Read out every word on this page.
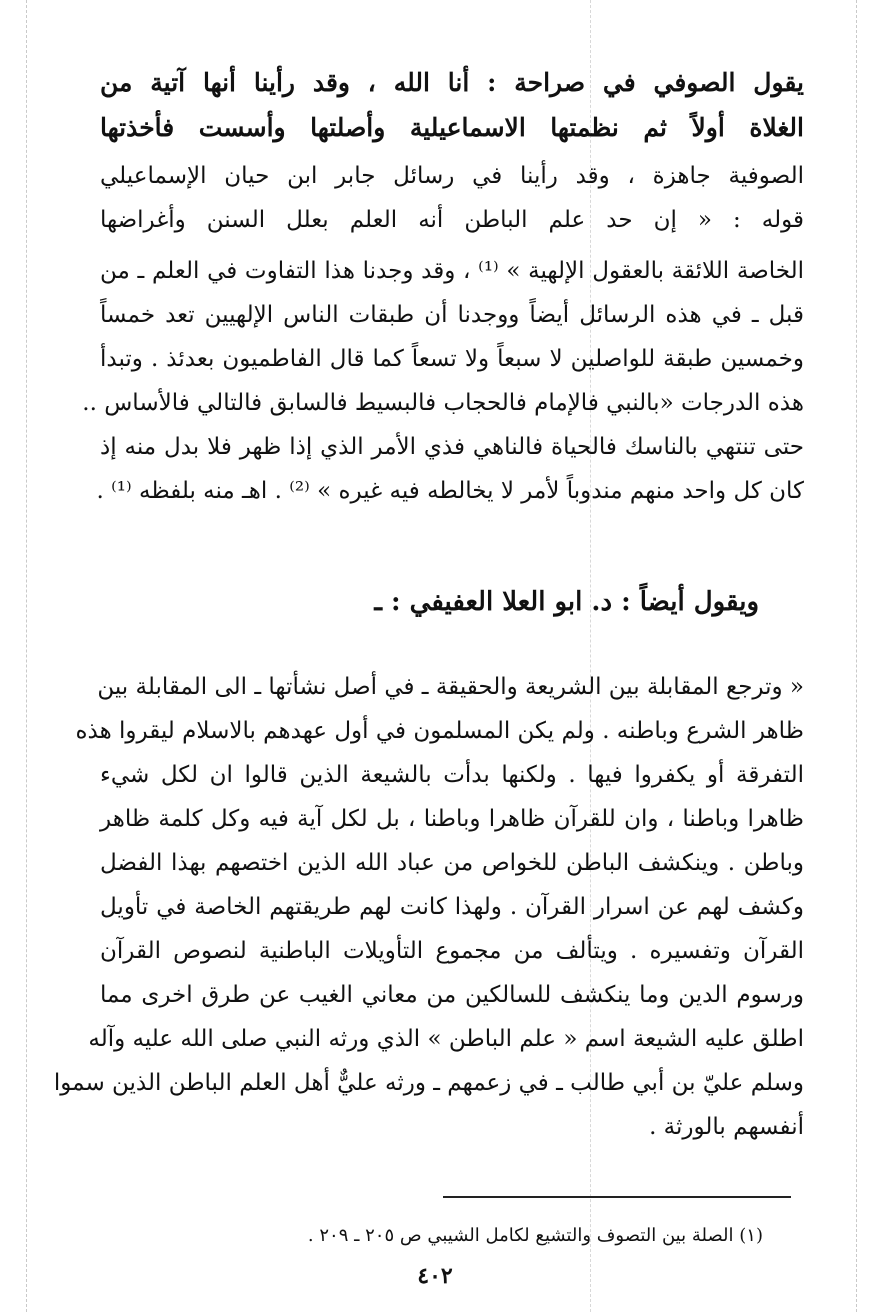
يقول الصوفي في صراحة : أنا الله ، وقد رأينا أنها آتية من
الغلاة أولاً ثم نظمتها الاسماعيلية وأصلتها وأسست فأخذتها
الصوفية جاهزة ، وقد رأينا في رسائل جابر ابن حيان الإسماعيلي
قوله : « إن حد علم الباطن أنه العلم بعلل السنن وأغراضها
الخاصة اللائقة بالعقول الإلهية » ⁽¹⁾ ، وقد وجدنا هذا التفاوت في العلم ـ من
قبل ـ في هذه الرسائل أيضاً ووجدنا أن طبقات الناس الإلهيين تعد خمساً
وخمسين طبقة للواصلين لا سبعاً ولا تسعاً كما قال الفاطميون بعدئذ . وتبدأ
هذه الدرجات «بالنبي فالإمام فالحجاب فالبسيط فالسابق فالتالي فالأساس ..
حتى تنتهي بالناسك فالحياة فالناهي فذي الأمر الذي إذا ظهر فلا بدل منه إذ
كان كل واحد منهم مندوباً لأمر لا يخالطه فيه غيره » ⁽²⁾ . اهـ منه بلفظه ⁽¹⁾ .
ويقول أيضاً : د. ابو العلا العفيفي : ـ
« وترجع المقابلة بين الشريعة والحقيقة ـ في أصل نشأتها ـ الى المقابلة بين
ظاهر الشرع وباطنه . ولم يكن المسلمون في أول عهدهم بالاسلام ليقروا هذه
التفرقة أو يكفروا فيها . ولكنها بدأت بالشيعة الذين قالوا ان لكل شيء
ظاهرا وباطنا ، وان للقرآن ظاهرا وباطنا ، بل لكل آية فيه وكل كلمة ظاهر
وباطن . وينكشف الباطن للخواص من عباد الله الذين اختصهم بهذا الفضل
وكشف لهم عن اسرار القرآن . ولهذا كانت لهم طريقتهم الخاصة في تأويل
القرآن وتفسيره . ويتألف من مجموع التأويلات الباطنية لنصوص القرآن
ورسوم الدين وما ينكشف للسالكين من معاني الغيب عن طرق اخرى مما
اطلق عليه الشيعة اسم « علم الباطن » الذي ورثه النبي صلى الله عليه وآله
وسلم عليّ بن أبي طالب ـ في زعمهم ـ ورثه عليٌّ أهل العلم الباطن الذين سموا
أنفسهم بالورثة .
(١) الصلة بين التصوف والتشيع لكامل الشيبي ص ٢٠٥ ـ ٢٠٩ .
٤٠٢
